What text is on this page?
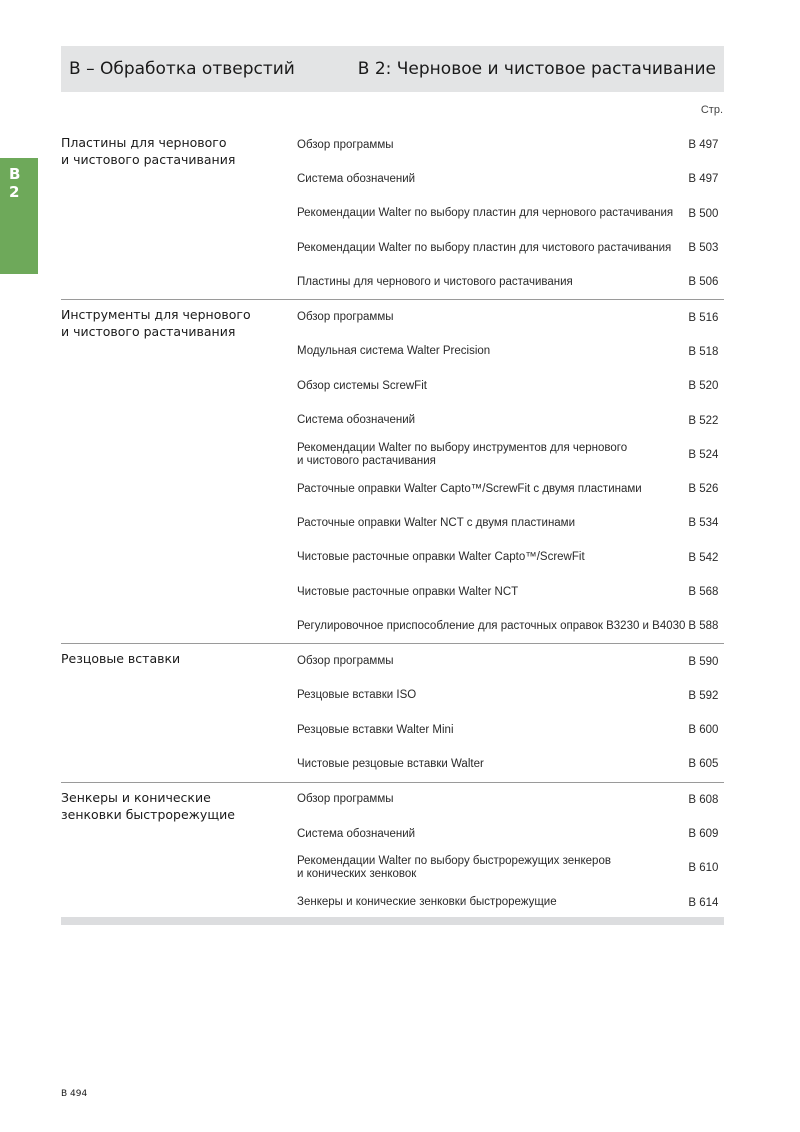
B 2
B – Обработка отверстий	B 2: Черновое и чистовое растачивание
Стр.
Пластины для чернового
и чистового растачивания
Обзор программы	B 497
Система обозначений	B 497
Рекомендации Walter по выбору пластин для чернового растачивания	B 500
Рекомендации Walter по выбору пластин для чистового растачивания	B 503
Пластины для чернового и чистового растачивания	B 506
Инструменты для чернового
и чистового растачивания
Обзор программы	B 516
Модульная система Walter Precision	B 518
Обзор системы ScrewFit	B 520
Система обозначений	B 522
Рекомендации Walter по выбору инструментов для чернового
и чистового растачивания	B 524
Расточные оправки Walter Capto™/ScrewFit с двумя пластинами	B 526
Расточные оправки Walter NCT с двумя пластинами	B 534
Чистовые расточные оправки Walter Capto™/ScrewFit	B 542
Чистовые расточные оправки Walter NCT	B 568
Регулировочное приспособление для расточных оправок B3230 и B4030 B 588
Резцовые вставки	Обзор программы	B 590
Резцовые вставки ISO	B 592
Резцовые вставки Walter Mini	B 600
Чистовые резцовые вставки Walter	B 605
Зенкеры и конические
зенковки быстрорежущие
Обзор программы	B 608
Система обозначений	B 609
Рекомендации Walter по выбору быстрорежущих зенкеров
и конических зенковок	B 610
Зенкеры и конические зенковки быстрорежущие	B 614
B 494
